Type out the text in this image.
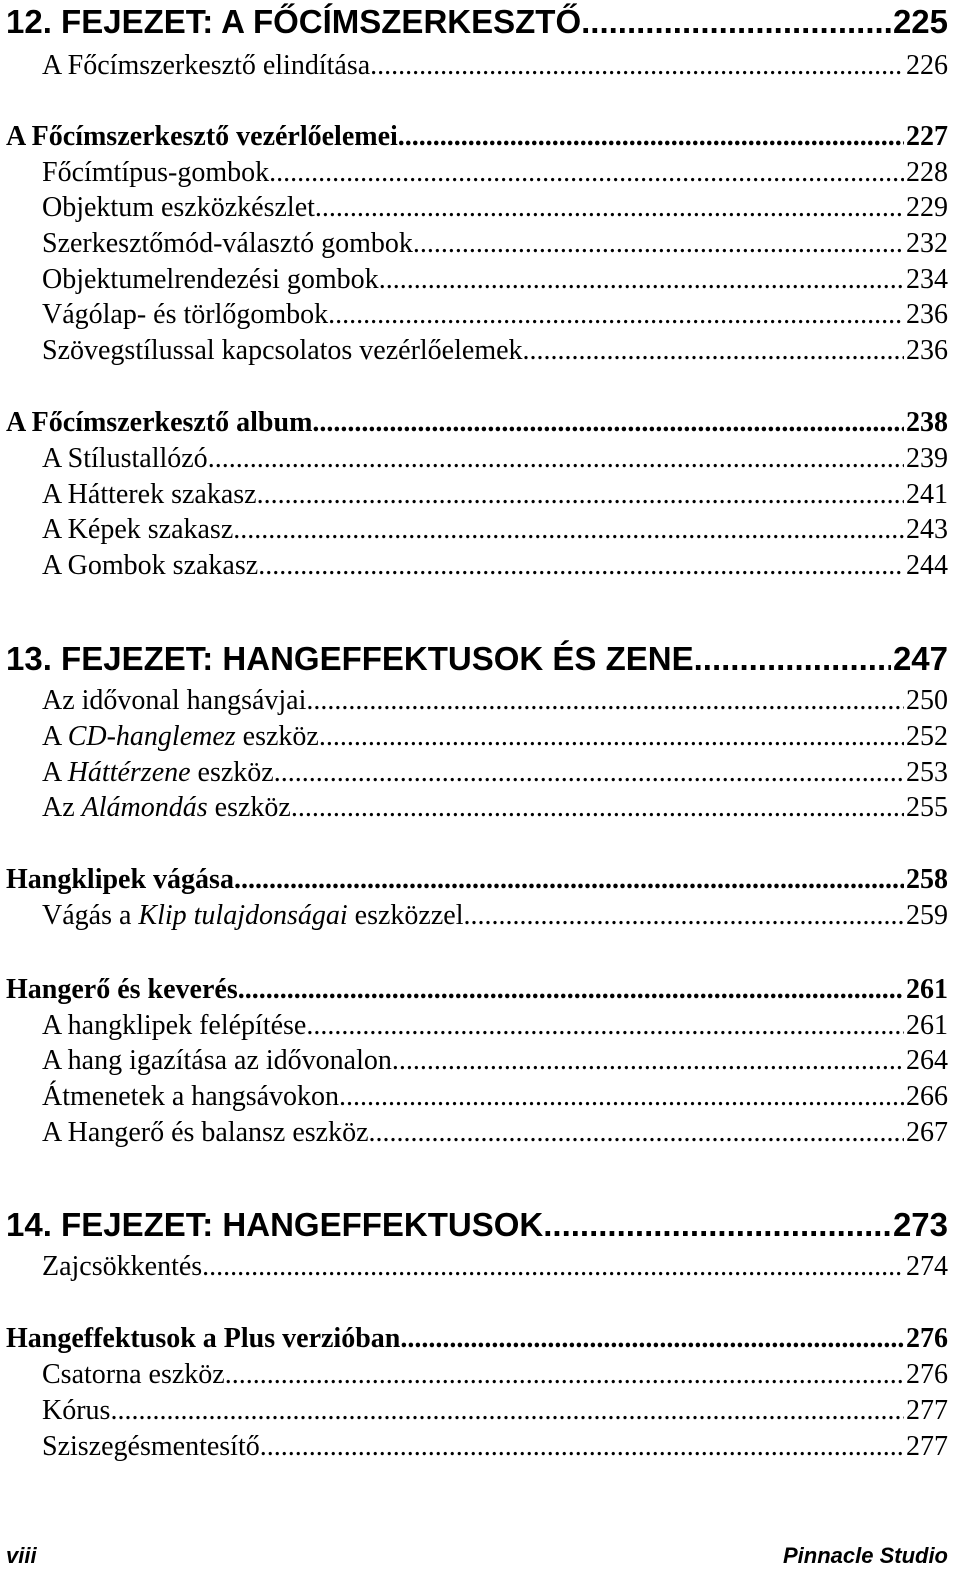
12. FEJEZET: A FŐCÍMSZERKESZTŐ .....	225
A Főcímszerkesztő elindítása .....	226
A Főcímszerkesztő vezérlőelemei .....	227
Főcímtípus-gombok .....	228
Objektum eszközkészlet .....	229
Szerkesztőmód-választó gombok .....	232
Objektumelrendezési gombok .....	234
Vágólap- és törlőgombok .....	236
Szövegstílussal kapcsolatos vezérlőelemek .....	236
A Főcímszerkesztő album .....	238
A Stílustallózó .....	239
A Hátterek szakasz .....	241
A Képek szakasz .....	243
A Gombok szakasz .....	244
13. FEJEZET: HANGEFFEKTUSOK ÉS ZENE .....	247
Az idővonal hangsávjai .....	250
A CD-hanglemez eszköz .....	252
A Háttérzene eszköz .....	253
Az Alámondás eszköz .....	255
Hangklipek vágása .....	258
Vágás a Klip tulajdonságai eszközzel .....	259
Hangerő és keverés .....	261
A hangklipek felépítése .....	261
A hang igazítása az idővonalon .....	264
Átmenetek a hangsávokon .....	266
A Hangerő és balansz eszköz .....	267
14. FEJEZET: HANGEFFEKTUSOK .....	273
Zajcsökkentés .....	274
Hangeffektusok a Plus verzióban .....	276
Csatorna eszköz .....	276
Kórus .....	277
Sziszegésmentesítő .....	277
viii	Pinnacle Studio
